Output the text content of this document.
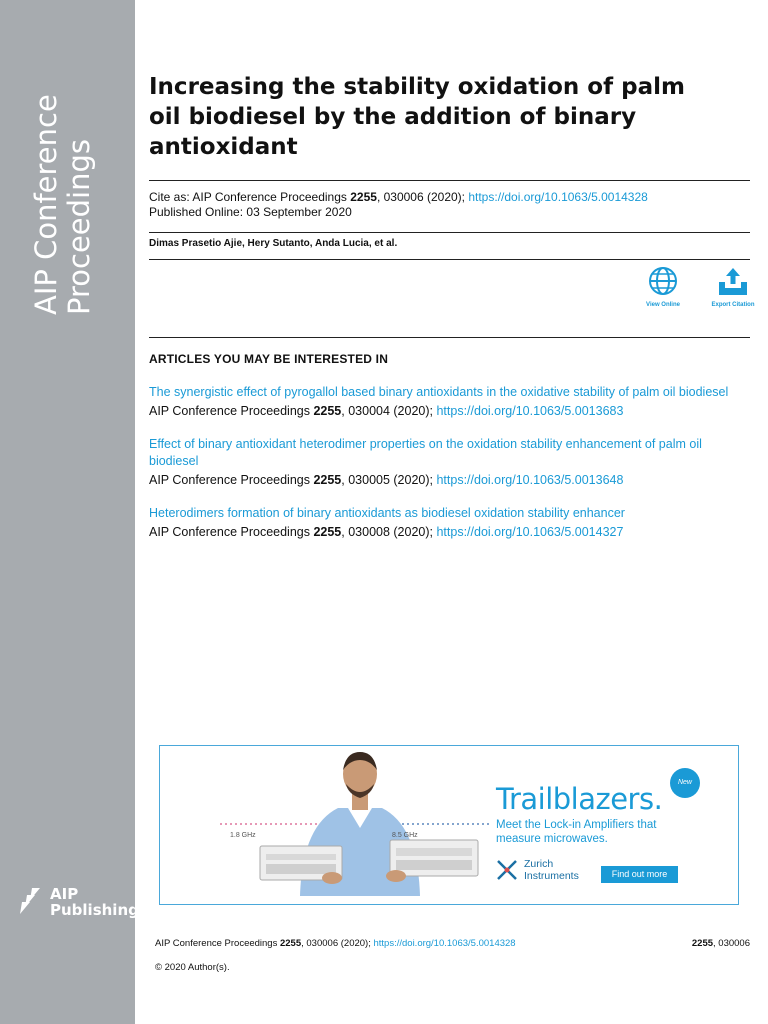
AIP Conference
Proceedings
AIP
Publishing
Increasing the stability oxidation of palm oil biodiesel by the addition of binary antioxidant
Cite as: AIP Conference Proceedings 2255, 030006 (2020); https://doi.org/10.1063/5.0014328
Published Online: 03 September 2020
Dimas Prasetio Ajie, Hery Sutanto, Anda Lucia, et al.
View Online	Export Citation
ARTICLES YOU MAY BE INTERESTED IN
The synergistic effect of pyrogallol based binary antioxidants in the oxidative stability of palm oil biodiesel
AIP Conference Proceedings 2255, 030004 (2020); https://doi.org/10.1063/5.0013683
Effect of binary antioxidant heterodimer properties on the oxidation stability enhancement of palm oil biodiesel
AIP Conference Proceedings 2255, 030005 (2020); https://doi.org/10.1063/5.0013648
Heterodimers formation of binary antioxidants as biodiesel oxidation stability enhancer
AIP Conference Proceedings 2255, 030008 (2020); https://doi.org/10.1063/5.0014327
1.8 GHz	8.5 GHz
Trailblazers.	New
Meet the Lock-in Amplifiers that measure microwaves.
Zurich
Instruments	Find out more
AIP Conference Proceedings 2255, 030006 (2020); https://doi.org/10.1063/5.0014328	2255, 030006
© 2020 Author(s).
